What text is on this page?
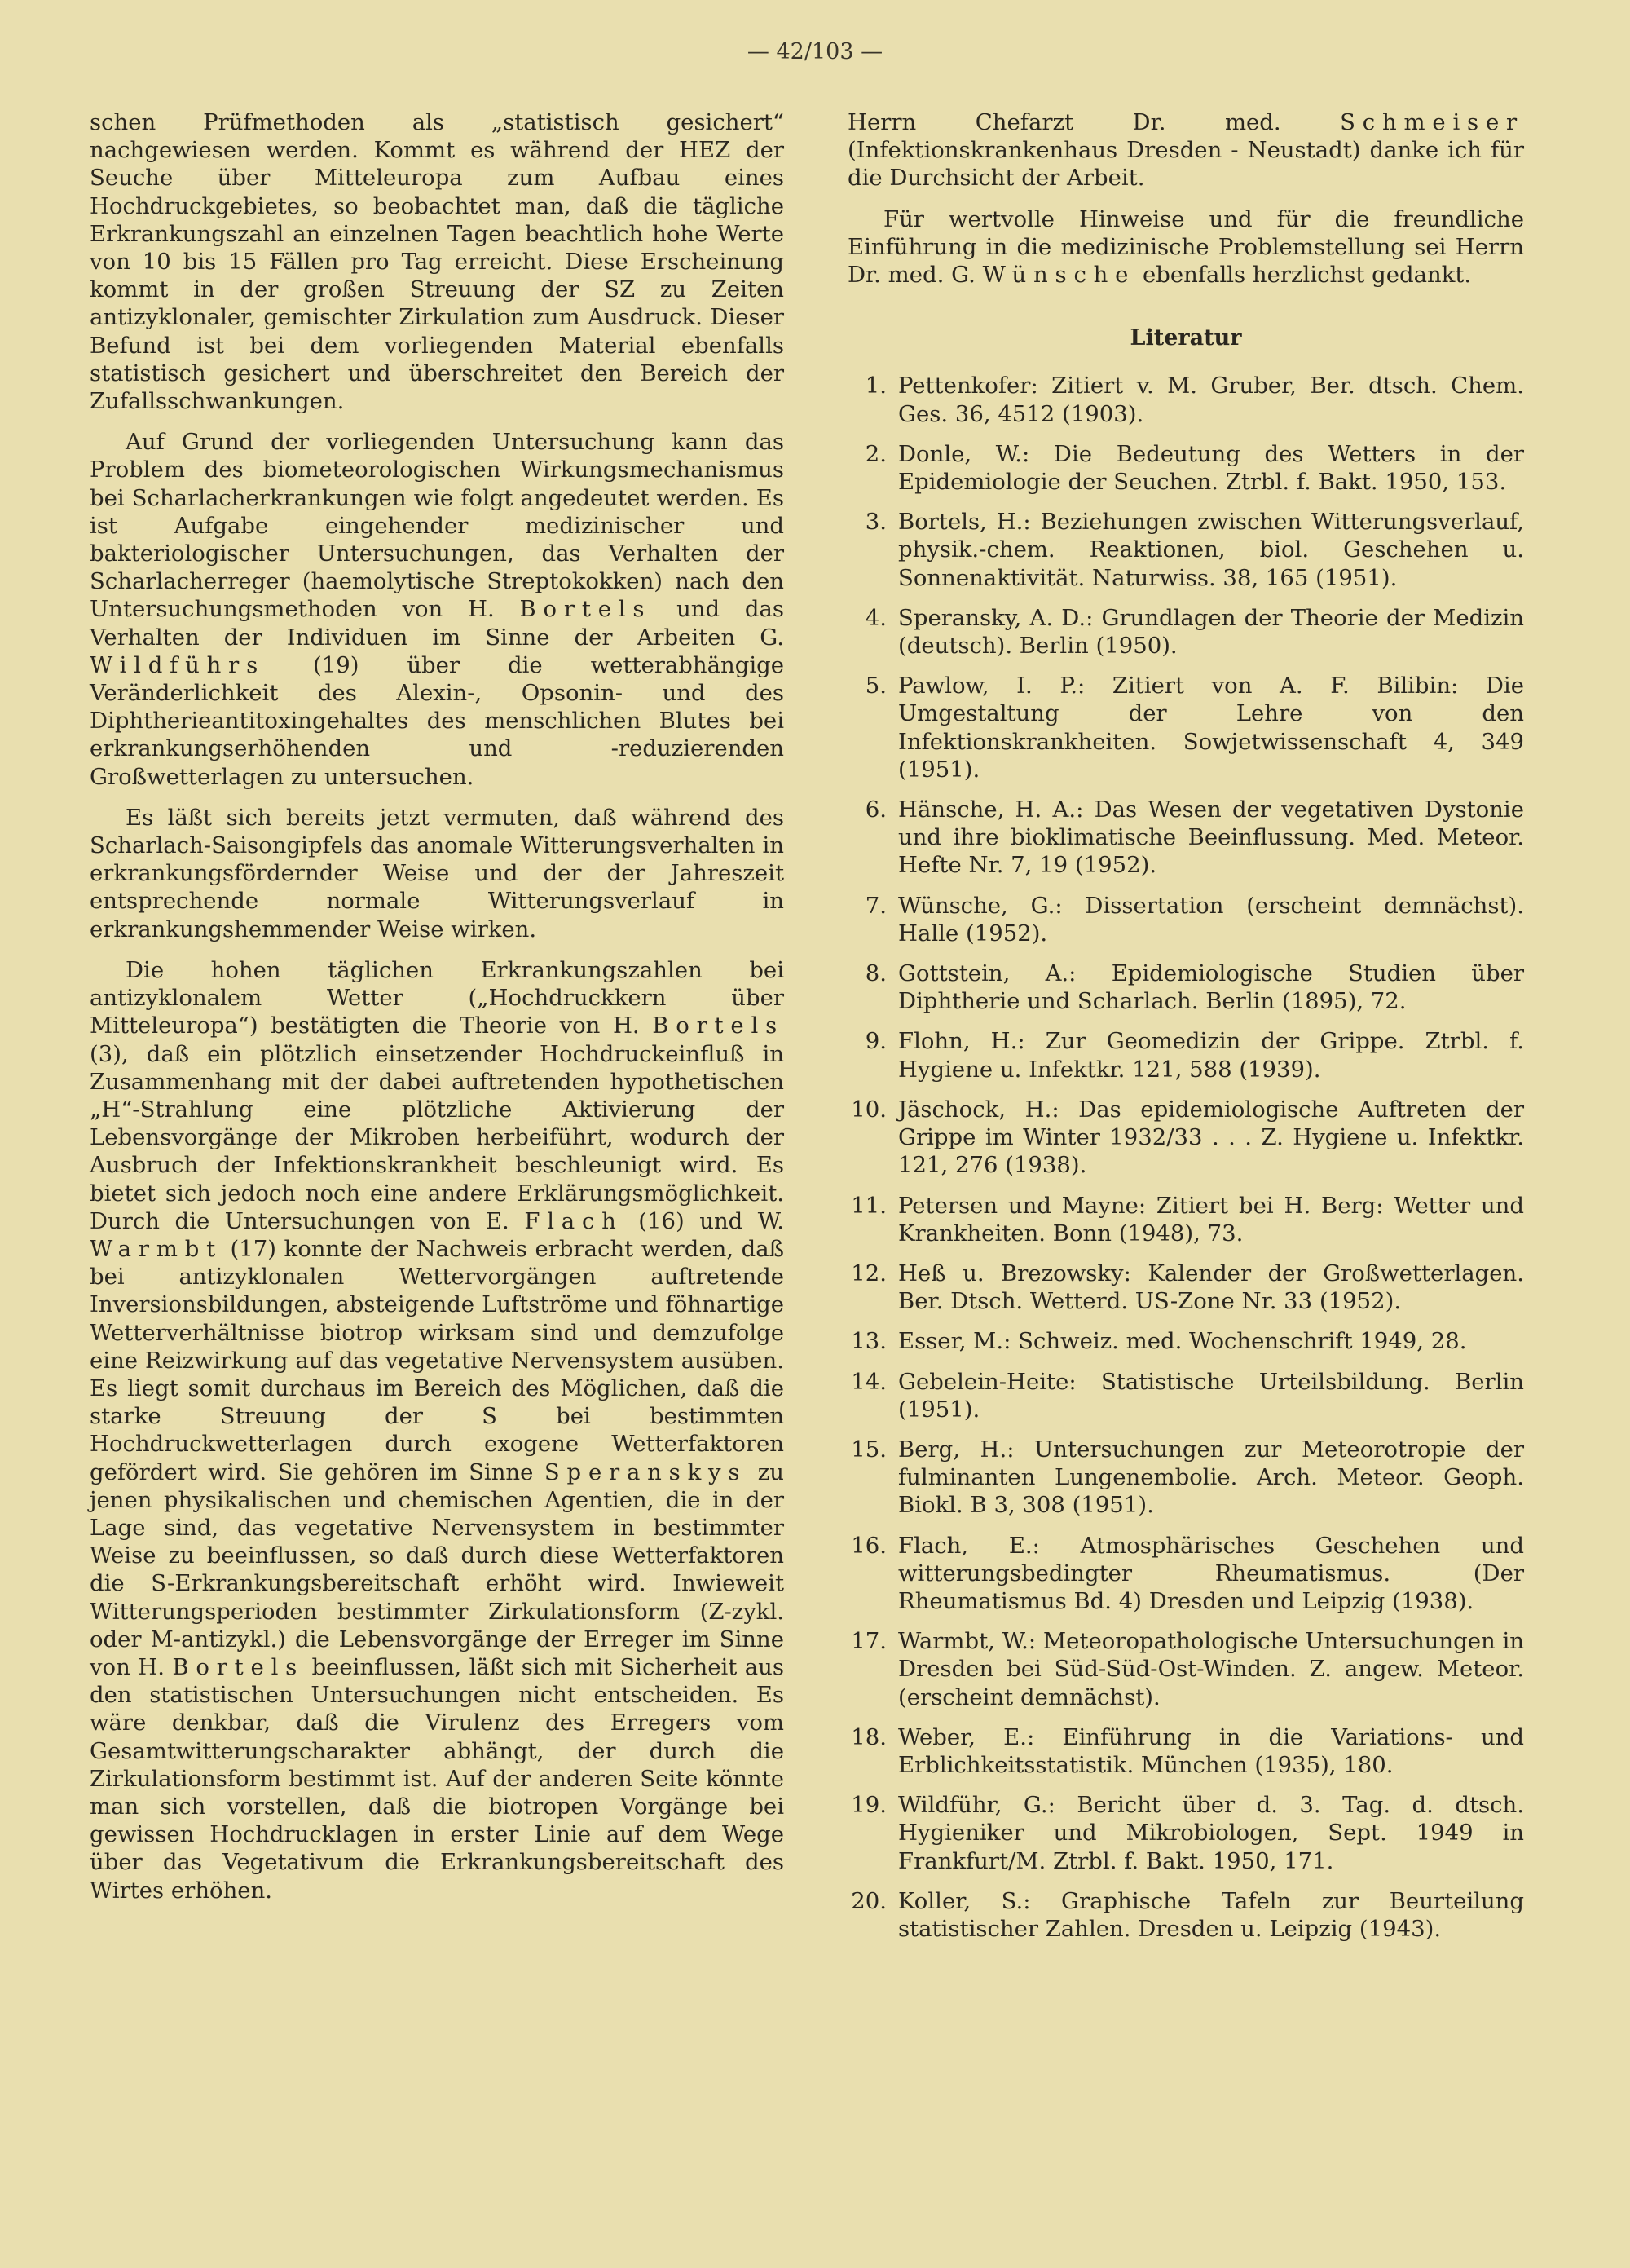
— 42/103 —

schen Prüfmethoden als „statistisch gesichert“ nachgewiesen werden. Kommt es während der HEZ der Seuche über Mitteleuropa zum Aufbau eines Hochdruckgebietes, so beobachtet man, daß die tägliche Erkrankungszahl an einzelnen Tagen beachtlich hohe Werte von 10 bis 15 Fällen pro Tag erreicht. Diese Erscheinung kommt in der großen Streuung der SZ zu Zeiten antizyklonaler, gemischter Zirkulation zum Ausdruck. Dieser Befund ist bei dem vorliegenden Material ebenfalls statistisch gesichert und überschreitet den Bereich der Zufallsschwankungen.

Auf Grund der vorliegenden Untersuchung kann das Problem des biometeorologischen Wirkungsmechanismus bei Scharlacherkrankungen wie folgt angedeutet werden. Es ist Aufgabe eingehender medizinischer und bakteriologischer Untersuchungen, das Verhalten der Scharlacherreger (haemolytische Streptokokken) nach den Untersuchungsmethoden von H. Bortels und das Verhalten der Individuen im Sinne der Arbeiten G. Wildführs (19) über die wetterabhängige Veränderlichkeit des Alexin-, Opsonin- und des Diphtherieantitoxingehaltes des menschlichen Blutes bei erkrankungserhöhenden und -reduzierenden Großwetterlagen zu untersuchen.

Es läßt sich bereits jetzt vermuten, daß während des Scharlach-Saisongipfels das anomale Witterungsverhalten in erkrankungsfördernder Weise und der der Jahreszeit entsprechende normale Witterungsverlauf in erkrankungshemmender Weise wirken.

Die hohen täglichen Erkrankungszahlen bei antizyklonalem Wetter („Hochdruckkern über Mitteleuropa“) bestätigten die Theorie von H. Bortels (3), daß ein plötzlich einsetzender Hochdruckeinfluß in Zusammenhang mit der dabei auftretenden hypothetischen „H“-Strahlung eine plötzliche Aktivierung der Lebensvorgänge der Mikroben herbeiführt, wodurch der Ausbruch der Infektionskrankheit beschleunigt wird. Es bietet sich jedoch noch eine andere Erklärungsmöglichkeit. Durch die Untersuchungen von E. Flach (16) und W. Warmbt (17) konnte der Nachweis erbracht werden, daß bei antizyklonalen Wettervorgängen auftretende Inversionsbildungen, absteigende Luftströme und föhnartige Wetterverhältnisse biotrop wirksam sind und demzufolge eine Reizwirkung auf das vegetative Nervensystem ausüben. Es liegt somit durchaus im Bereich des Möglichen, daß die starke Streuung der S bei bestimmten Hochdruckwetterlagen durch exogene Wetterfaktoren gefördert wird. Sie gehören im Sinne Speranskys zu jenen physikalischen und chemischen Agentien, die in der Lage sind, das vegetative Nervensystem in bestimmter Weise zu beeinflussen, so daß durch diese Wetterfaktoren die S-Erkrankungsbereitschaft erhöht wird. Inwieweit Witterungsperioden bestimmter Zirkulationsform (Z-zykl. oder M-antizykl.) die Lebensvorgänge der Erreger im Sinne von H. Bortels beeinflussen, läßt sich mit Sicherheit aus den statistischen Untersuchungen nicht entscheiden. Es wäre denkbar, daß die Virulenz des Erregers vom Gesamtwitterungscharakter abhängt, der durch die Zirkulationsform bestimmt ist. Auf der anderen Seite könnte man sich vorstellen, daß die biotropen Vorgänge bei gewissen Hochdrucklagen in erster Linie auf dem Wege über das Vegetativum die Erkrankungsbereitschaft des Wirtes erhöhen.

Herrn Chefarzt Dr. med.	Schmeiser (Infektionskrankenhaus Dresden - Neustadt) danke ich für die Durchsicht der Arbeit.

Für wertvolle Hinweise und für die freundliche Einführung in die medizinische Problemstellung sei Herrn Dr. med. G. Wünsche ebenfalls herzlichst gedankt.

Literatur
1. Pettenkofer: Zitiert v. M. Gruber, Ber. dtsch. Chem. Ges. 36, 4512 (1903).
2. Donle, W.: Die Bedeutung des Wetters in der Epidemiologie der Seuchen. Ztrbl. f. Bakt. 1950, 153.
3. Bortels, H.: Beziehungen zwischen Witterungsverlauf, physik.-chem. Reaktionen, biol. Geschehen u. Sonnenaktivität. Naturwiss. 38, 165 (1951).
4. Speransky, A. D.: Grundlagen der Theorie der Medizin (deutsch). Berlin (1950).
5. Pawlow, I. P.: Zitiert von A. F. Bilibin: Die Umgestaltung der Lehre von den Infektionskrankheiten. Sowjetwissenschaft 4, 349 (1951).
6. Hänsche, H. A.: Das Wesen der vegetativen Dystonie und ihre bioklimatische Beeinflussung. Med. Meteor. Hefte Nr. 7, 19 (1952).
7. Wünsche, G.: Dissertation (erscheint demnächst). Halle (1952).
8. Gottstein, A.: Epidemiologische Studien über Diphtherie und Scharlach. Berlin (1895), 72.
9. Flohn, H.: Zur Geomedizin der Grippe. Ztrbl. f. Hygiene u. Infektkr. 121, 588 (1939).
10. Jäschock, H.: Das epidemiologische Auftreten der Grippe im Winter 1932/33 . . . Z. Hygiene u. Infektkr. 121, 276 (1938).
11. Petersen und Mayne: Zitiert bei H. Berg: Wetter und Krankheiten. Bonn (1948), 73.
12. Heß u. Brezowsky: Kalender der Großwetterlagen. Ber. Dtsch. Wetterd. US-Zone Nr. 33 (1952).
13. Esser, M.: Schweiz. med. Wochenschrift 1949, 28.
14. Gebelein-Heite: Statistische Urteilsbildung. Berlin (1951).
15. Berg, H.: Untersuchungen zur Meteorotropie der fulminanten Lungenembolie. Arch. Meteor. Geoph. Biokl. B 3, 308 (1951).
16. Flach, E.: Atmosphärisches Geschehen und witterungsbedingter Rheumatismus. (Der Rheumatismus Bd. 4) Dresden und Leipzig (1938).
17. Warmbt, W.: Meteoropathologische Untersuchungen in Dresden bei Süd-Süd-Ost-Winden. Z. angew. Meteor. (erscheint demnächst).
18. Weber, E.: Einführung in die Variations- und Erblichkeitsstatistik. München (1935), 180.
19. Wildführ, G.: Bericht über d. 3. Tag. d. dtsch. Hygieniker und Mikrobiologen, Sept. 1949 in Frankfurt/M. Ztrbl. f. Bakt. 1950, 171.
20. Koller, S.: Graphische Tafeln zur Beurteilung statistischer Zahlen. Dresden u. Leipzig (1943).
